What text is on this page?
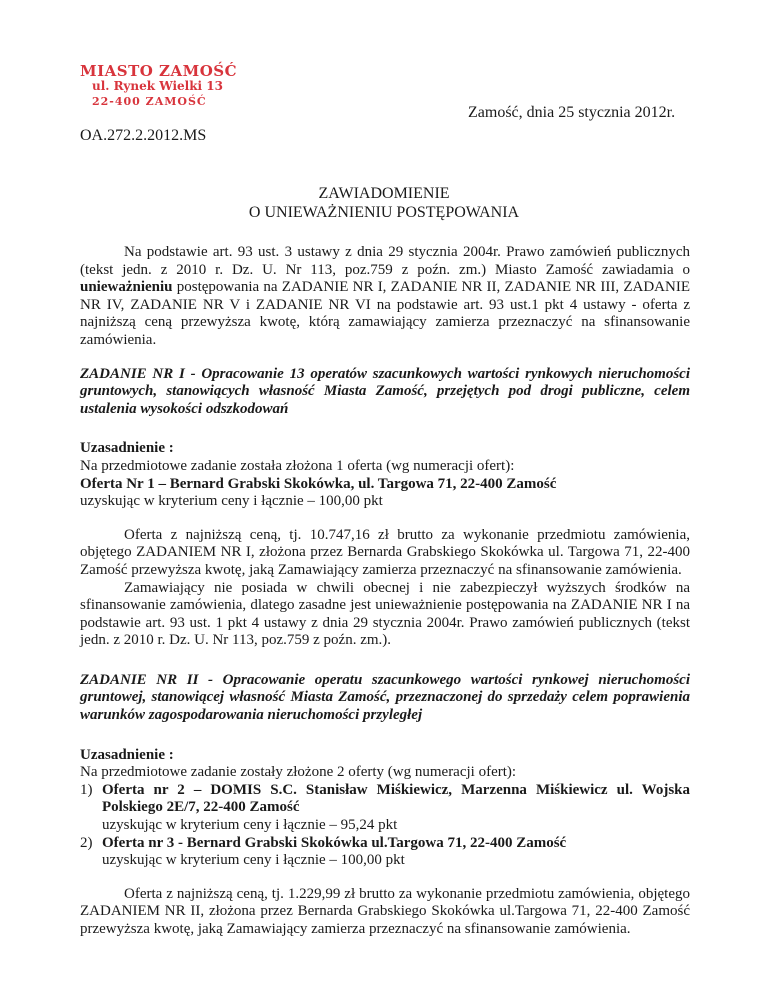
MIASTO ZAMOŚĆ
ul. Rynek Wielki 13
22-400 ZAMOŚĆ
Zamość, dnia 25 stycznia 2012r.
OA.272.2.2012.MS
ZAWIADOMIENIE
O UNIEWAŻNIENIU POSTĘPOWANIA

Na podstawie art. 93 ust. 3 ustawy z dnia 29 stycznia 2004r. Prawo zamówień publicznych (tekst jedn. z 2010 r. Dz. U. Nr 113, poz.759 z poźn. zm.) Miasto Zamość zawiadamia o unieważnieniu postępowania na ZADANIE NR I, ZADANIE NR II, ZADANIE NR III, ZADANIE NR IV, ZADANIE NR V i ZADANIE NR VI na podstawie art. 93 ust.1 pkt 4 ustawy - oferta z najniższą ceną przewyższa kwotę, którą zamawiający zamierza przeznaczyć na sfinansowanie zamówienia.

ZADANIE NR I - Opracowanie 13 operatów szacunkowych wartości rynkowych nieruchomości gruntowych, stanowiących własność Miasta Zamość, przejętych pod drogi publiczne, celem ustalenia wysokości odszkodowań

Uzasadnienie :

Na przedmiotowe zadanie została złożona 1 oferta (wg numeracji ofert):

Oferta Nr 1 – Bernard Grabski Skokówka, ul. Targowa 71, 22-400 Zamość

uzyskując w kryterium ceny i łącznie – 100,00 pkt

Oferta z najniższą ceną, tj. 10.747,16 zł brutto za wykonanie przedmiotu zamówienia, objętego ZADANIEM NR I, złożona przez Bernarda Grabskiego Skokówka ul. Targowa 71, 22-400 Zamość przewyższa kwotę, jaką Zamawiający zamierza przeznaczyć na sfinansowanie zamówienia.

Zamawiający nie posiada w chwili obecnej i nie zabezpieczył wyższych środków na sfinansowanie zamówienia, dlatego zasadne jest unieważnienie postępowania na ZADANIE NR I na podstawie art. 93 ust. 1 pkt 4 ustawy z dnia 29 stycznia 2004r. Prawo zamówień publicznych (tekst jedn. z 2010 r. Dz. U. Nr 113, poz.759 z poźn. zm.).

ZADANIE NR II - Opracowanie operatu szacunkowego wartości rynkowej nieruchomości gruntowej, stanowiącej własność Miasta Zamość, przeznaczonej do sprzedaży celem poprawienia warunków zagospodarowania nieruchomości przyległej

Uzasadnienie :

Na przedmiotowe zadanie zostały złożone 2 oferty (wg numeracji ofert):

1) Oferta nr 2 – DOMIS S.C. Stanisław Miśkiewicz, Marzenna Miśkiewicz ul. Wojska Polskiego 2E/7, 22-400 Zamość

uzyskując w kryterium ceny i łącznie – 95,24 pkt

2) Oferta nr 3 - Bernard Grabski Skokówka ul.Targowa 71, 22-400 Zamość

uzyskując w kryterium ceny i łącznie – 100,00 pkt

Oferta z najniższą ceną, tj. 1.229,99 zł brutto za wykonanie przedmiotu zamówienia, objętego ZADANIEM NR II, złożona przez Bernarda Grabskiego Skokówka ul.Targowa 71, 22-400 Zamość przewyższa kwotę, jaką Zamawiający zamierza przeznaczyć na sfinansowanie zamówienia.
